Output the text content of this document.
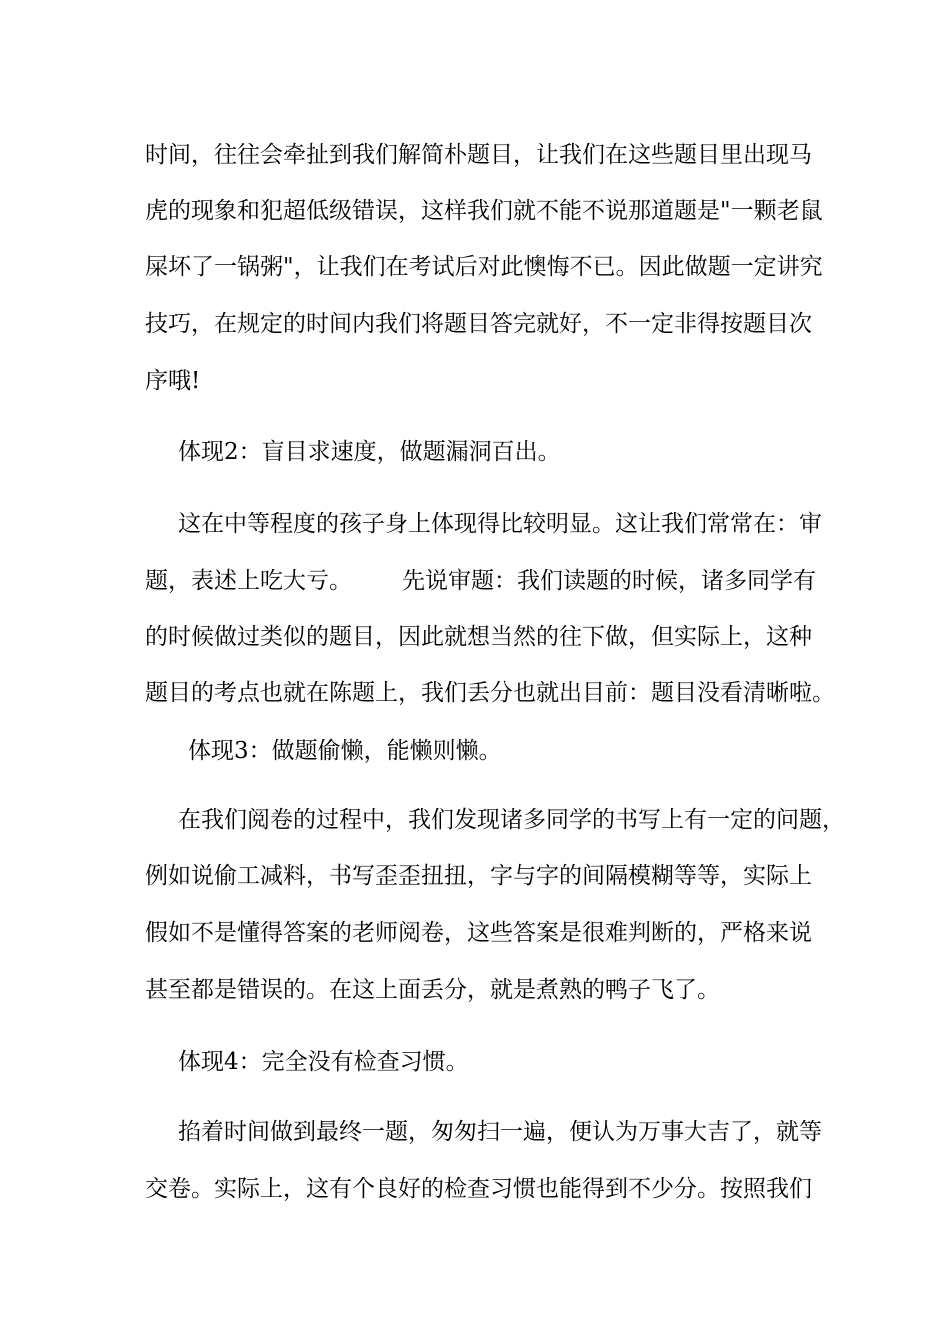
时间，往往会牵扯到我们解简朴题目，让我们在这些题目里出现马
虎的现象和犯超低级错误，这样我们就不能不说那道题是"一颗老鼠
屎坏了一锅粥"，让我们在考试后对此懊悔不已。因此做题一定讲究
技巧，在规定的时间内我们将题目答完就好，不一定非得按题目次
序哦!
体现2：盲目求速度，做题漏洞百出。
这在中等程度的孩子身上体现得比较明显。这让我们常常在：审
题，表述上吃大亏。 先说审题：我们读题的时候，诸多同学有
的时候做过类似的题目，因此就想当然的往下做，但实际上，这种
题目的考点也就在陈题上，我们丢分也就出目前：题目没看清晰啦。
体现3：做题偷懒，能懒则懒。
在我们阅卷的过程中，我们发现诸多同学的书写上有一定的问题，
例如说偷工减料，书写歪歪扭扭，字与字的间隔模糊等等，实际上
假如不是懂得答案的老师阅卷，这些答案是很难判断的，严格来说
甚至都是错误的。在这上面丢分，就是煮熟的鸭子飞了。
体现4：完全没有检查习惯。
掐着时间做到最终一题，匆匆扫一遍，便认为万事大吉了，就等
交卷。实际上，这有个良好的检查习惯也能得到不少分。按照我们
